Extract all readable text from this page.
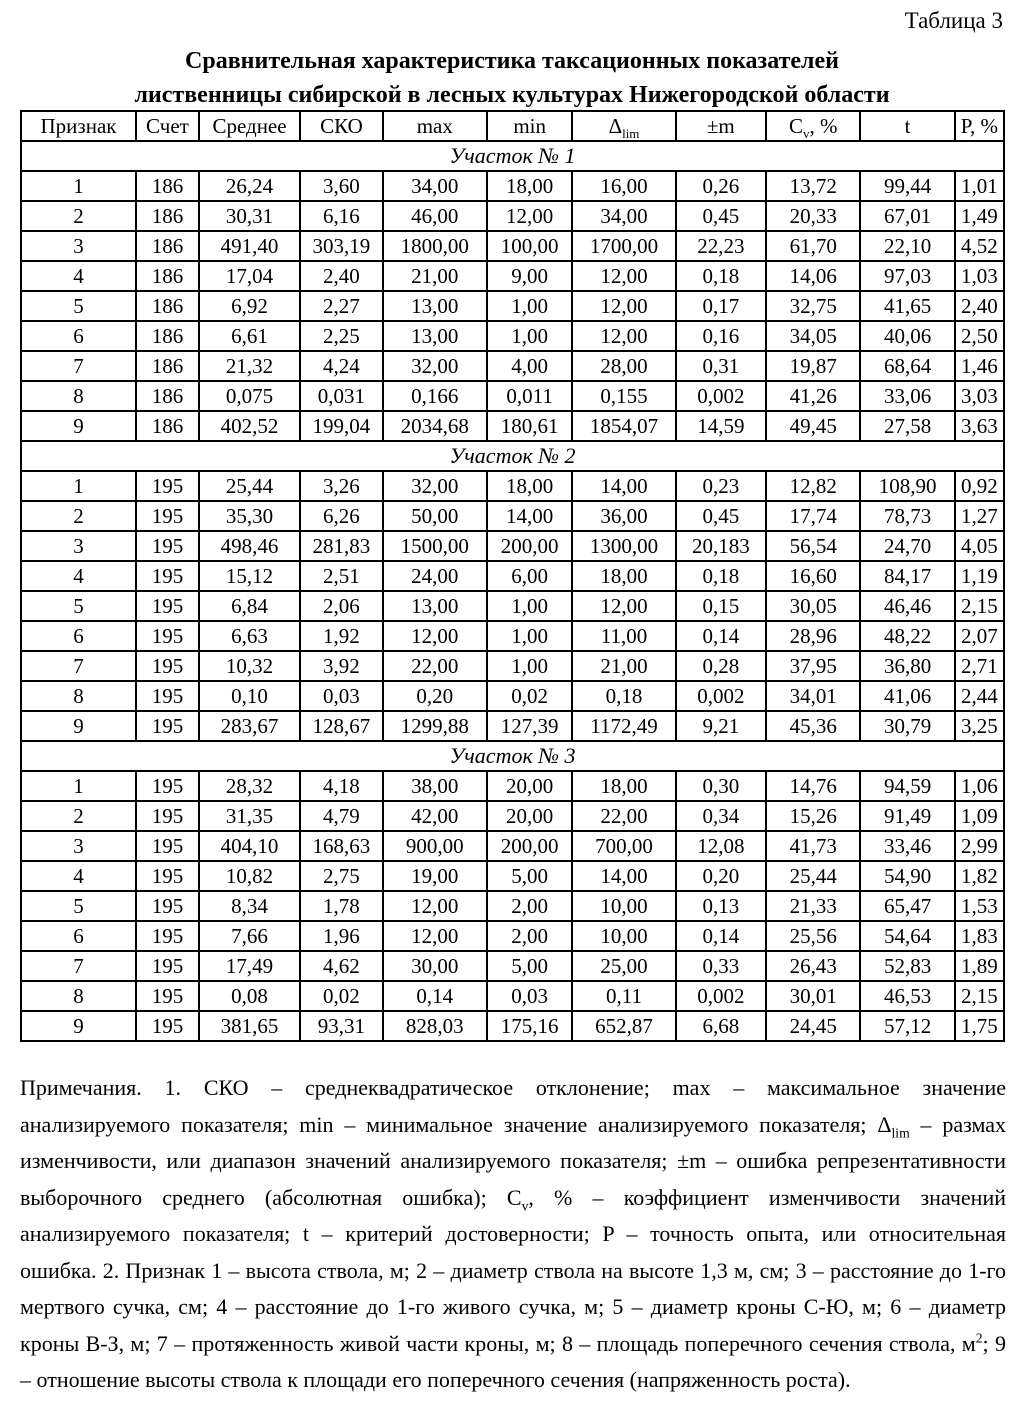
Таблица 3
Сравнительная характеристика таксационных показателей
лиственницы сибирской в лесных культурах Нижегородской области
Признак	Счет	Среднее	СКО	max	min	$\Delta_{lim}$	±m	$C_v$, %	t	P, %
Участок № 1										
1	186	26,24	3,60	34,00	18,00	16,00	0,26	13,72	99,44	1,01
2	186	30,31	6,16	46,00	12,00	34,00	0,45	20,33	67,01	1,49
3	186	491,40	303,19	1800,00	100,00	1700,00	22,23	61,70	22,10	4,52
4	186	17,04	2,40	21,00	9,00	12,00	0,18	14,06	97,03	1,03
5	186	6,92	2,27	13,00	1,00	12,00	0,17	32,75	41,65	2,40
6	186	6,61	2,25	13,00	1,00	12,00	0,16	34,05	40,06	2,50
7	186	21,32	4,24	32,00	4,00	28,00	0,31	19,87	68,64	1,46
8	186	0,075	0,031	0,166	0,011	0,155	0,002	41,26	33,06	3,03
9	186	402,52	199,04	2034,68	180,61	1854,07	14,59	49,45	27,58	3,63
Участок № 2										
1	195	25,44	3,26	32,00	18,00	14,00	0,23	12,82	108,90	0,92
2	195	35,30	6,26	50,00	14,00	36,00	0,45	17,74	78,73	1,27
3	195	498,46	281,83	1500,00	200,00	1300,00	20,183	56,54	24,70	4,05
4	195	15,12	2,51	24,00	6,00	18,00	0,18	16,60	84,17	1,19
5	195	6,84	2,06	13,00	1,00	12,00	0,15	30,05	46,46	2,15
6	195	6,63	1,92	12,00	1,00	11,00	0,14	28,96	48,22	2,07
7	195	10,32	3,92	22,00	1,00	21,00	0,28	37,95	36,80	2,71
8	195	0,10	0,03	0,20	0,02	0,18	0,002	34,01	41,06	2,44
9	195	283,67	128,67	1299,88	127,39	1172,49	9,21	45,36	30,79	3,25
Участок № 3										
1	195	28,32	4,18	38,00	20,00	18,00	0,30	14,76	94,59	1,06
2	195	31,35	4,79	42,00	20,00	22,00	0,34	15,26	91,49	1,09
3	195	404,10	168,63	900,00	200,00	700,00	12,08	41,73	33,46	2,99
4	195	10,82	2,75	19,00	5,00	14,00	0,20	25,44	54,90	1,82
5	195	8,34	1,78	12,00	2,00	10,00	0,13	21,33	65,47	1,53
6	195	7,66	1,96	12,00	2,00	10,00	0,14	25,56	54,64	1,83
7	195	17,49	4,62	30,00	5,00	25,00	0,33	26,43	52,83	1,89
8	195	0,08	0,02	0,14	0,03	0,11	0,002	30,01	46,53	2,15
9	195	381,65	93,31	828,03	175,16	652,87	6,68	24,45	57,12	1,75

Примечания. 1. СКО – среднеквадратическое отклонение; max – максимальное значение анализируемого показателя; min – минимальное значение анализируемого показателя; $\Delta_{lim}$ – размах изменчивости, или диапазон значений анализируемого показателя; ±m – ошибка репрезентативности выборочного среднего (абсолютная ошибка); $C_v$, % – коэффициент изменчивости значений анализируемого показателя; t – критерий достоверности; P – точность опыта, или относительная ошибка. 2. Признак 1 – высота ствола, м; 2 – диаметр ствола на высоте 1,3 м, см; 3 – расстояние до 1-го мертвого сучка, см; 4 – расстояние до 1-го живого сучка, м; 5 – диаметр кроны С-Ю, м; 6 – диаметр кроны В-З, м; 7 – протяженность живой части кроны, м; 8 – площадь поперечного сечения ствола, $м^2$; 9 – отношение высоты ствола к площади его поперечного сечения (напряженность роста).
